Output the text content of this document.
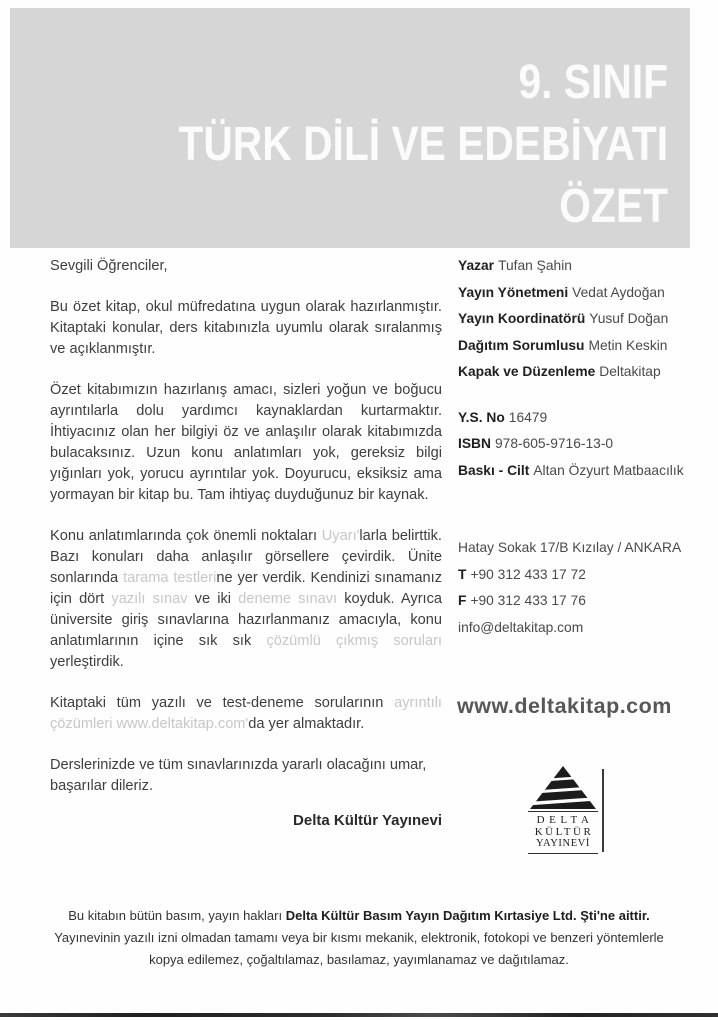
9. SINIF
TÜRK DİLİ VE EDEBİYATI
ÖZET

Sevgili Öğrenciler,

Bu özet kitap, okul müfredatına uygun olarak hazırlanmıştır. Kitaptaki konular, ders kitabınızla uyumlu olarak sıralanmış ve açıklanmıştır.

Özet kitabımızın hazırlanış amacı, sizleri yoğun ve boğucu ayrıntılarla dolu yardımcı kaynaklardan kurtarmaktır. İhtiyacınız olan her bilgiyi öz ve anlaşılır olarak kitabımızda bulacaksınız. Uzun konu anlatımları yok, gereksiz bilgi yığınları yok, yorucu ayrıntılar yok. Doyurucu, eksiksiz ama yormayan bir kitap bu. Tam ihtiyaç duyduğunuz bir kaynak.

Konu anlatımlarında çok önemli noktaları Uyarı'larla belirttik. Bazı konuları daha anlaşılır görsellere çevirdik. Ünite sonlarında tarama testlerine yer verdik. Kendinizi sınamanız için dört yazılı sınav ve iki deneme sınavı koyduk. Ayrıca üniversite giriş sınavlarına hazırlanmanız amacıyla, konu anlatımlarının içine sık sık çözümlü çıkmış soruları yerleştirdik.

Kitaptaki tüm yazılı ve test-deneme sorularının ayrıntılı çözümleri www.deltakitap.com'da yer almaktadır.

Derslerinizde ve tüm sınavlarınızda yararlı olacağını umar, başarılar dileriz.

Delta Kültür Yayınevi
Yazar Tufan Şahin
Yayın Yönetmeni Vedat Aydoğan
Yayın Koordinatörü Yusuf Doğan
Dağıtım Sorumlusu Metin Keskin
Kapak ve Düzenleme Deltakitap
Y.S. No 16479
ISBN 978-605-9716-13-0
Baskı - Cilt Altan Özyurt Matbaacılık
Hatay Sokak 17/B Kızılay / ANKARA
T +90 312 433 17 72
F +90 312 433 17 76
info@deltakitap.com
www.deltakitap.com
DELTA
KÜLTÜR
YAYINEVİ
Bu kitabın bütün basım, yayın hakları Delta Kültür Basım Yayın Dağıtım Kırtasiye Ltd. Şti'ne aittir.
Yayınevinin yazılı izni olmadan tamamı veya bir kısmı mekanik, elektronik, fotokopi ve benzeri yöntemlerle
kopya edilemez, çoğaltılamaz, basılamaz, yayımlanamaz ve dağıtılamaz.
